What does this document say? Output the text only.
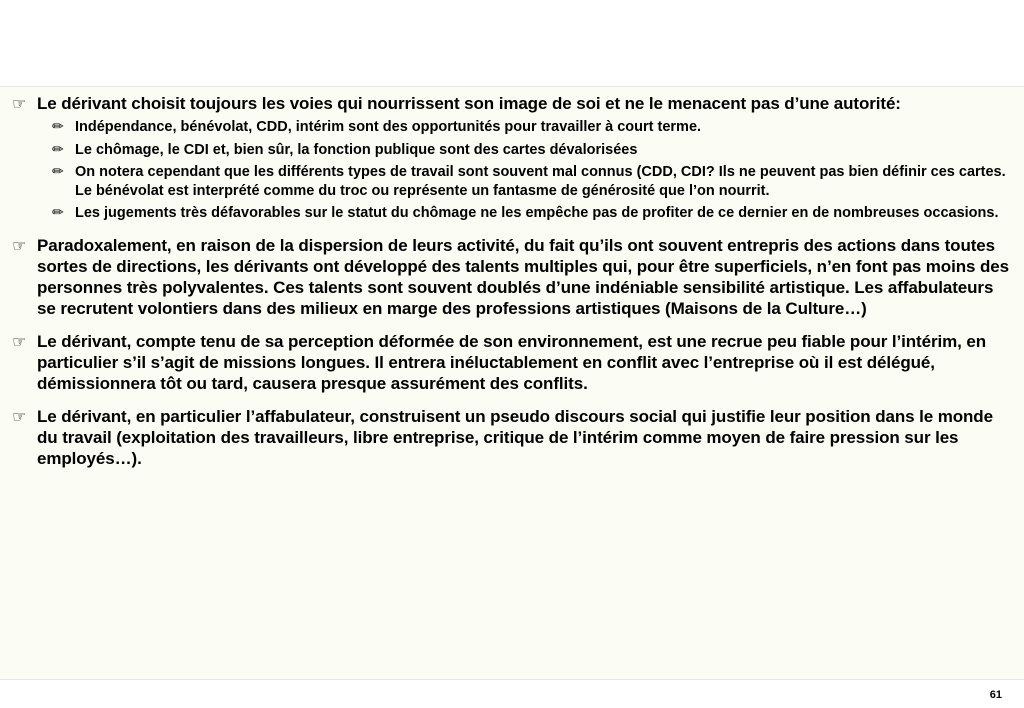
☞ Le dérivant choisit toujours les voies qui nourrissent son image de soi et ne le menacent pas d’une autorité:
✏ Indépendance, bénévolat, CDD, intérim sont des opportunités pour travailler à court terme.
✏ Le chômage, le CDI et, bien sûr, la fonction publique sont des cartes dévalorisées
✏ On notera cependant que les différents types de travail sont souvent mal connus (CDD, CDI? Ils ne peuvent pas bien définir ces cartes. Le bénévolat est interprété comme du troc ou représente un fantasme de générosité que l’on nourrit.
✏ Les jugements très défavorables sur le statut du chômage ne les empêche pas de profiter de ce dernier en de nombreuses occasions.
☞ Paradoxalement, en raison de la dispersion de leurs activité, du fait qu’ils ont souvent entrepris des actions dans toutes sortes de directions, les dérivants ont développé des talents multiples qui, pour être superficiels, n’en font pas moins des personnes très polyvalentes. Ces talents sont souvent doublés d’une indéniable sensibilité artistique. Les affabulateurs se recrutent volontiers dans des milieux en marge des professions artistiques (Maisons de la Culture…)
☞ Le dérivant, compte tenu de sa perception déformée de son environnement, est une recrue peu fiable pour l’intérim, en particulier s’il s’agit de missions longues. Il entrera inéluctablement en conflit avec l’entreprise où il est délégué, démissionnera tôt ou tard, causera presque assurément des conflits.
☞ Le dérivant, en particulier l’affabulateur, construisent un pseudo discours social qui justifie leur position dans le monde du travail (exploitation des travailleurs, libre entreprise, critique de l’intérim comme moyen de faire pression sur les employés…).
61
